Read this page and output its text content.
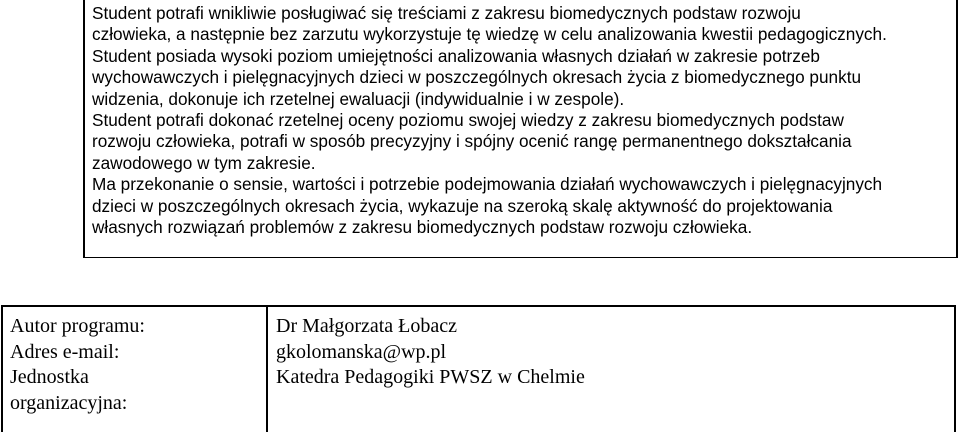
Student potrafi wnikliwie posługiwać się treściami z zakresu biomedycznych podstaw rozwoju
człowieka, a następnie bez zarzutu wykorzystuje tę wiedzę w celu analizowania kwestii pedagogicznych.

Student posiada wysoki poziom umiejętności analizowania własnych działań w zakresie potrzeb
wychowawczych i pielęgnacyjnych dzieci w poszczególnych okresach życia z biomedycznego punktu
widzenia, dokonuje ich rzetelnej ewaluacji (indywidualnie i w zespole).

Student potrafi dokonać rzetelnej oceny poziomu swojej wiedzy z zakresu biomedycznych podstaw
rozwoju człowieka, potrafi w sposób precyzyjny i spójny ocenić rangę permanentnego dokształcania
zawodowego w tym zakresie.

Ma przekonanie o sensie, wartości i potrzebie podejmowania działań wychowawczych i pielęgnacyjnych
dzieci w poszczególnych okresach życia, wykazuje na szeroką skalę aktywność do projektowania
własnych rozwiązań problemów z zakresu biomedycznych podstaw rozwoju człowieka.

Autor programu:
Adres e-mail:
Jednostka
organizacyjna:
Dr Małgorzata Łobacz
gkolomanska@wp.pl
Katedra Pedagogiki PWSZ w Chelmie
